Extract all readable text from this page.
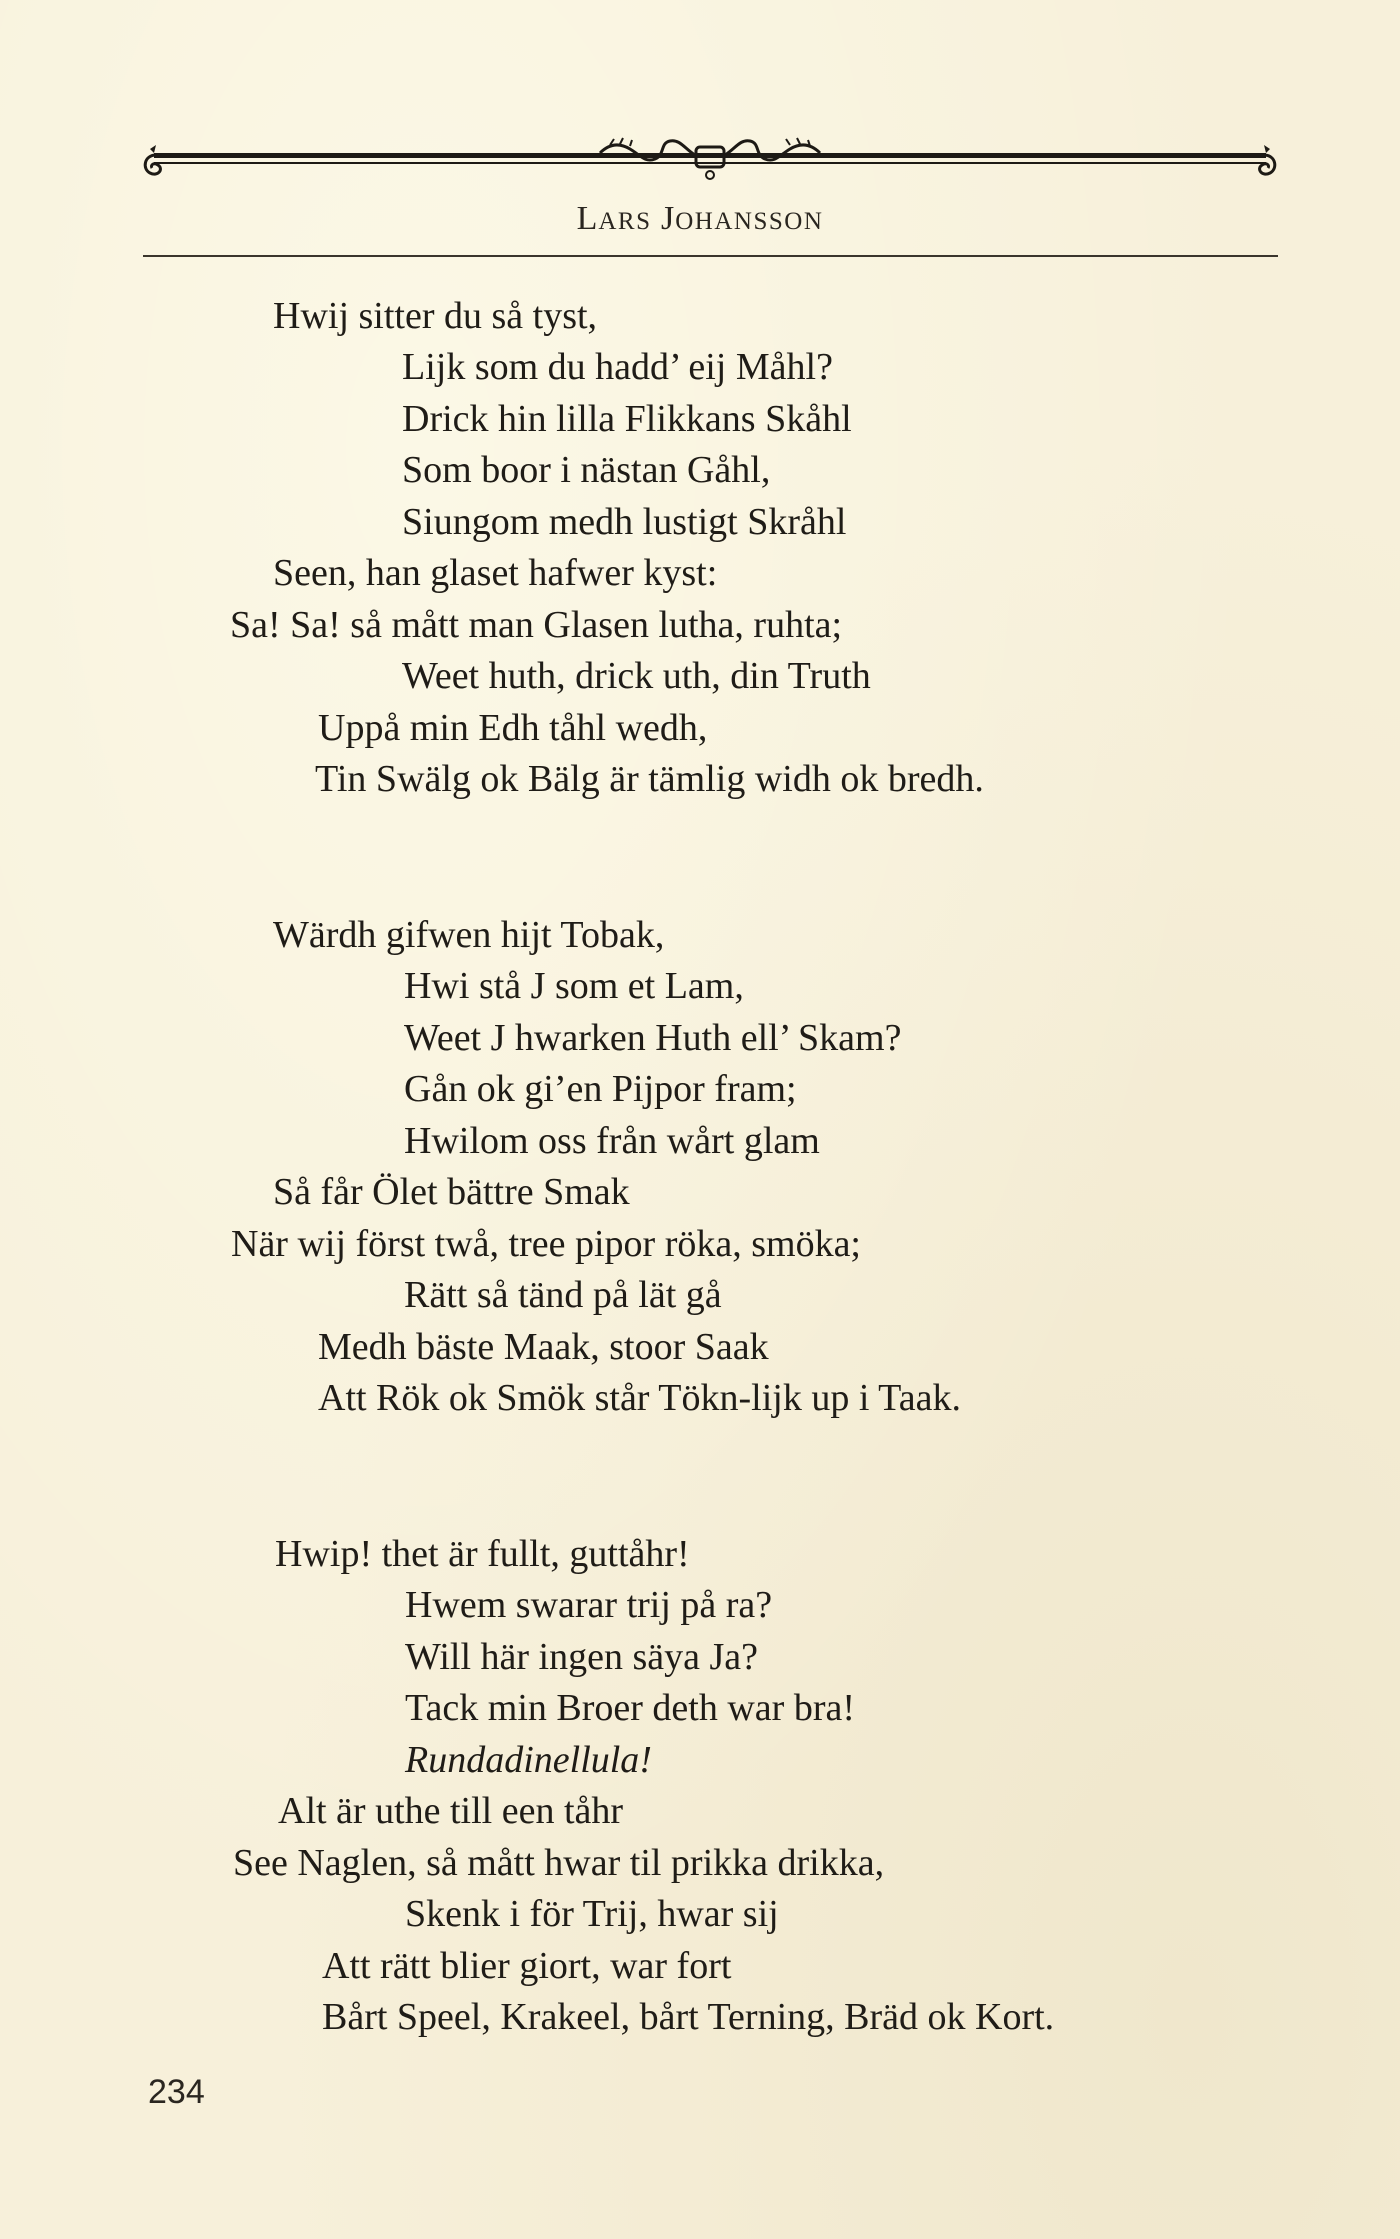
LARS JOHANSSON
Hwij sitter du så tyst,
Lijk som du hadd’ eij Måhl?
Drick hin lilla Flikkans Skåhl
Som boor i nästan Gåhl,
Siungom medh lustigt Skråhl
Seen, han glaset hafwer kyst:
Sa! Sa! så mått man Glasen lutha, ruhta;
Weet huth, drick uth, din Truth
Uppå min Edh tåhl wedh,
Tin Swälg ok Bälg är tämlig widh ok bredh.
Wärdh gifwen hijt Tobak,
Hwi stå J som et Lam,
Weet J hwarken Huth ell’ Skam?
Gån ok gi’en Pijpor fram;
Hwilom oss från wårt glam
Så får Ölet bättre Smak
När wij först twå, tree pipor röka, smöka;
Rätt så tänd på lät gå
Medh bäste Maak, stoor Saak
Att Rök ok Smök står Tökn-lijk up i Taak.
Hwip! thet är fullt, guttåhr!
Hwem swarar trij på ra?
Will här ingen säya Ja?
Tack min Broer deth war bra!
Rundadinellula!
Alt är uthe till een tåhr
See Naglen, så mått hwar til prikka drikka,
Skenk i för Trij, hwar sij
Att rätt blier giort, war fort
Bårt Speel, Krakeel, bårt Terning, Bräd ok Kort.
234
